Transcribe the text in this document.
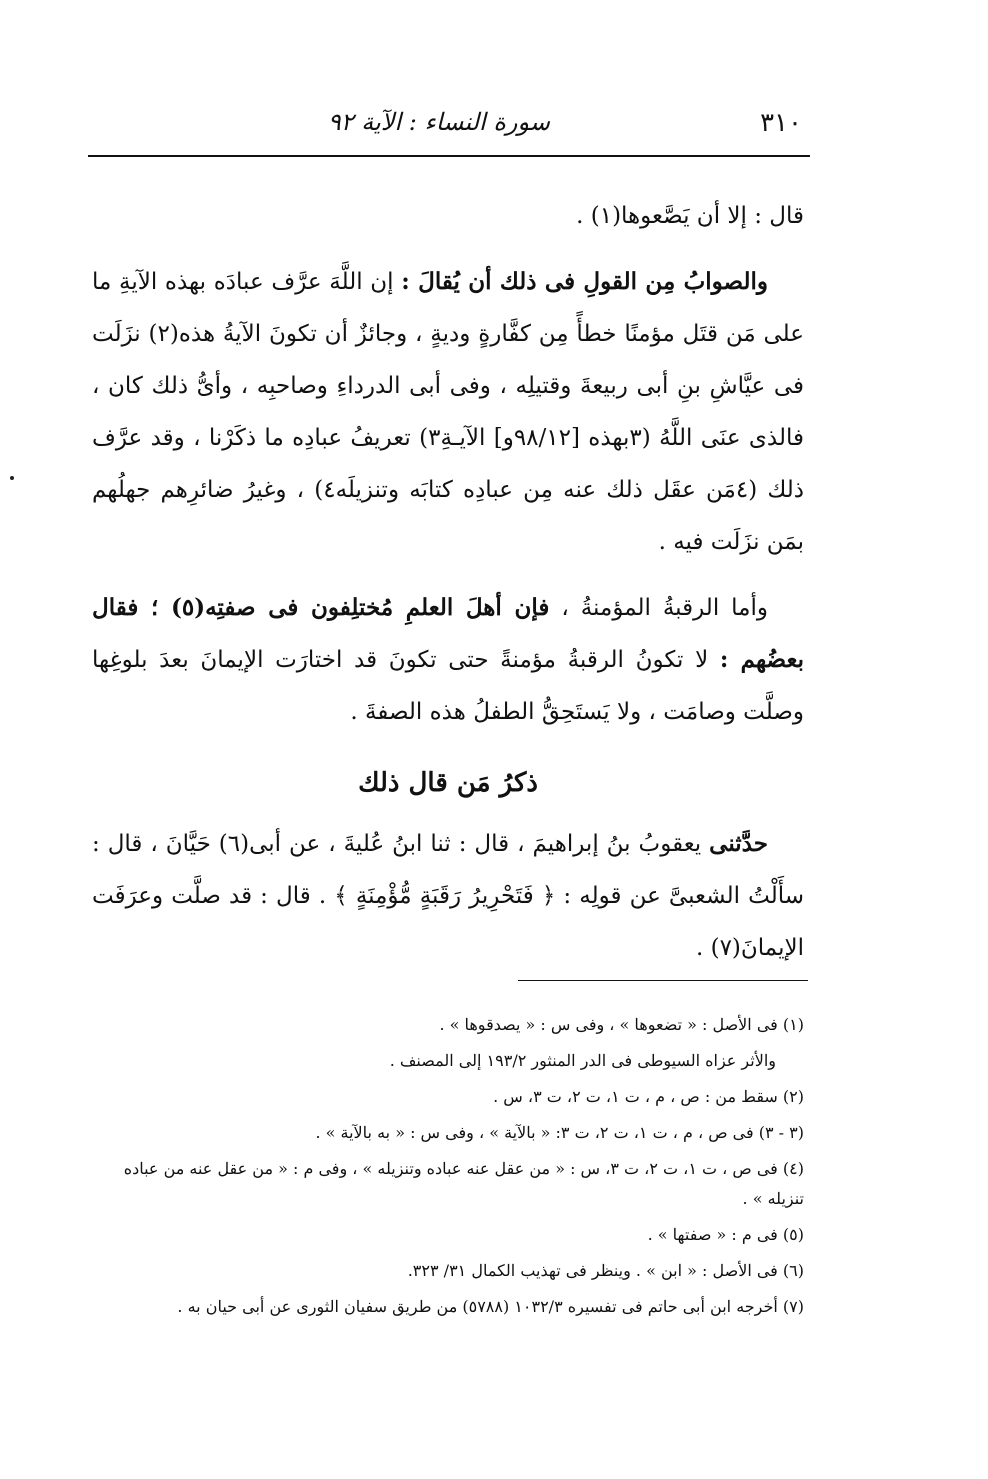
٣١٠
سورة النساء : الآية ٩٢

قال : إلا أن يَصَّعوها(١) .

والصوابُ مِن القولِ فى ذلك أن يُقالَ : إن اللَّهَ عرَّف عبادَه بهذه الآيةِ ما على مَن قتَل مؤمنًا خطأً مِن كفَّارةٍ وديةٍ ، وجائزٌ أن تكونَ الآيةُ هذه(٢) نزَلَت فى عيَّاشِ بنِ أبى ربيعةَ وقتيلِه ، وفى أبى الدرداءِ وصاحبِه ، وأىُّ ذلك كان ، فالذى عنَى اللَّهُ (٣بهذه [٩٨/١٢و] الآيـةِ٣) تعريفُ عبادِه ما ذكَرْنا ، وقد عرَّف ذلك (٤مَن عقَل ذلك عنه مِن عبادِه كتابَه وتنزيلَه٤) ، وغيرُ ضائرِهم جهلُهم بمَن نزَلَت فيه .

وأما الرقبةُ المؤمنةُ ، فإن أهلَ العلمِ مُختلِفون فى صفتِه(٥) ؛ فقال بعضُهم : لا تكونُ الرقبةُ مؤمنةً حتى تكونَ قد اختارَت الإيمانَ بعدَ بلوغِها وصلَّت وصامَت ، ولا يَستَحِقُّ الطفلُ هذه الصفةَ .

ذكرُ مَن قال ذلك

حدَّثنى يعقوبُ بنُ إبراهيمَ ، قال : ثنا ابنُ عُليةَ ، عن أبى(٦) حَيَّانَ ، قال : سأَلْتُ الشعبىَّ عن قولِه : ﴿ فَتَحْرِيرُ رَقَبَةٍ مُّؤْمِنَةٍ ﴾ . قال : قد صلَّت وعرَفَت الإيمانَ(٧) .

(١) فى الأصل : « تضعوها » ، وفى س : « يصدقوها » .

والأثر عزاه السيوطى فى الدر المنثور ١٩٣/٢ إلى المصنف .

(٢) سقط من : ص ، م ، ت ١، ت ٢، ت ٣، س .

(٣ - ٣) فى ص ، م ، ت ١، ت ٢، ت ٣: « بالآية » ، وفى س : « به بالآية » .

(٤) فى ص ، ت ١، ت ٢، ت ٣، س : « من عقل عنه عباده وتنزيله » ، وفى م : « من عقل عنه من عباده تنزيله » .

(٥) فى م : « صفتها » .

(٦) فى الأصل : « ابن » . وينظر فى تهذيب الكمال ٣١/ ٣٢٣.

(٧) أخرجه ابن أبى حاتم فى تفسيره ١٠٣٢/٣ (٥٧٨٨) من طريق سفيان الثورى عن أبى حيان به .
